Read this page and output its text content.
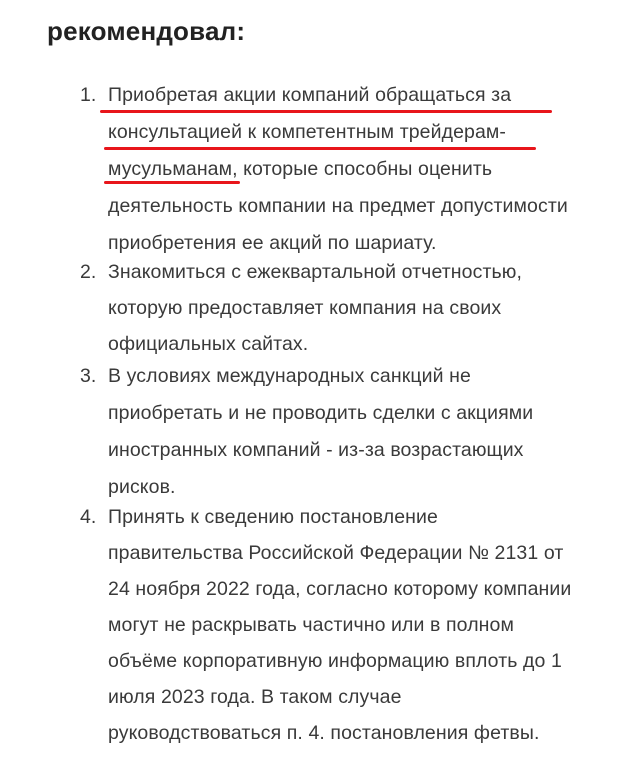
рекомендовал:
1. Приобретая акции компаний обращаться за
консультацией к компетентным трейдерам-
мусульманам, которые способны оценить
деятельность компании на предмет допустимости
приобретения ее акций по шариату.
2. Знакомиться с ежеквартальной отчетностью,
которую предоставляет компания на своих
официальных сайтах.
3. В условиях международных санкций не
приобретать и не проводить сделки с акциями
иностранных компаний - из-за возрастающих
рисков.
4. Принять к сведению постановление
правительства Российской Федерации № 2131 от
24 ноября 2022 года, согласно которому компании
могут не раскрывать частично или в полном
объёме корпоративную информацию вплоть до 1
июля 2023 года. В таком случае
руководствоваться п. 4. постановления фетвы.
